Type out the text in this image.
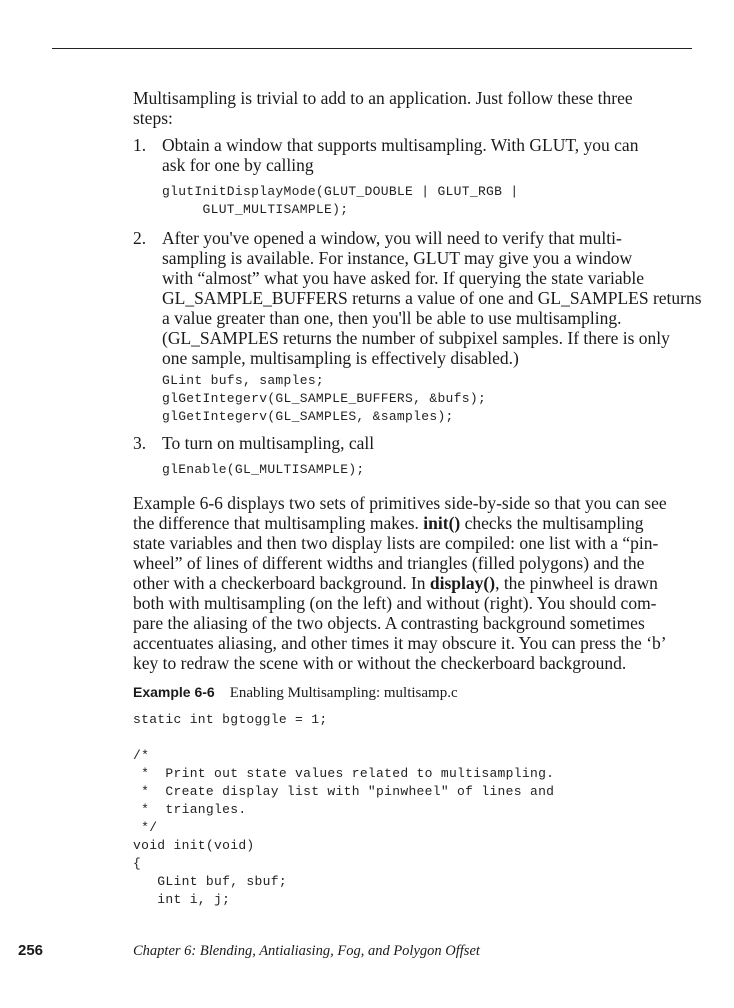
Multisampling is trivial to add to an application. Just follow these three
steps:
1. Obtain a window that supports multisampling. With GLUT, you can
ask for one by calling
glutInitDisplayMode(GLUT_DOUBLE | GLUT_RGB |
GLUT_MULTISAMPLE);
2. After you've opened a window, you will need to verify that multi-
sampling is available. For instance, GLUT may give you a window
with “almost” what you have asked for. If querying the state variable
GL_SAMPLE_BUFFERS returns a value of one and GL_SAMPLES returns
a value greater than one, then you'll be able to use multisampling.
(GL_SAMPLES returns the number of subpixel samples. If there is only
one sample, multisampling is effectively disabled.)
GLint bufs, samples;
glGetIntegerv(GL_SAMPLE_BUFFERS, &bufs);
glGetIntegerv(GL_SAMPLES, &samples);
3. To turn on multisampling, call
glEnable(GL_MULTISAMPLE);
Example 6-6 displays two sets of primitives side-by-side so that you can see
the difference that multisampling makes. init() checks the multisampling
state variables and then two display lists are compiled: one list with a “pin-
wheel” of lines of different widths and triangles (filled polygons) and the
other with a checkerboard background. In display(), the pinwheel is drawn
both with multisampling (on the left) and without (right). You should com-
pare the aliasing of the two objects. A contrasting background sometimes
accentuates aliasing, and other times it may obscure it. You can press the ‘b’
key to redraw the scene with or without the checkerboard background.
Example 6-6 Enabling Multisampling: multisamp.c
static int bgtoggle = 1;
/*
*  Print out state values related to multisampling.
*  Create display list with "pinwheel" of lines and
*  triangles.
*/
void init(void)
{
GLint buf, sbuf;
int i, j;
256	Chapter 6: Blending, Antialiasing, Fog, and Polygon Offset
